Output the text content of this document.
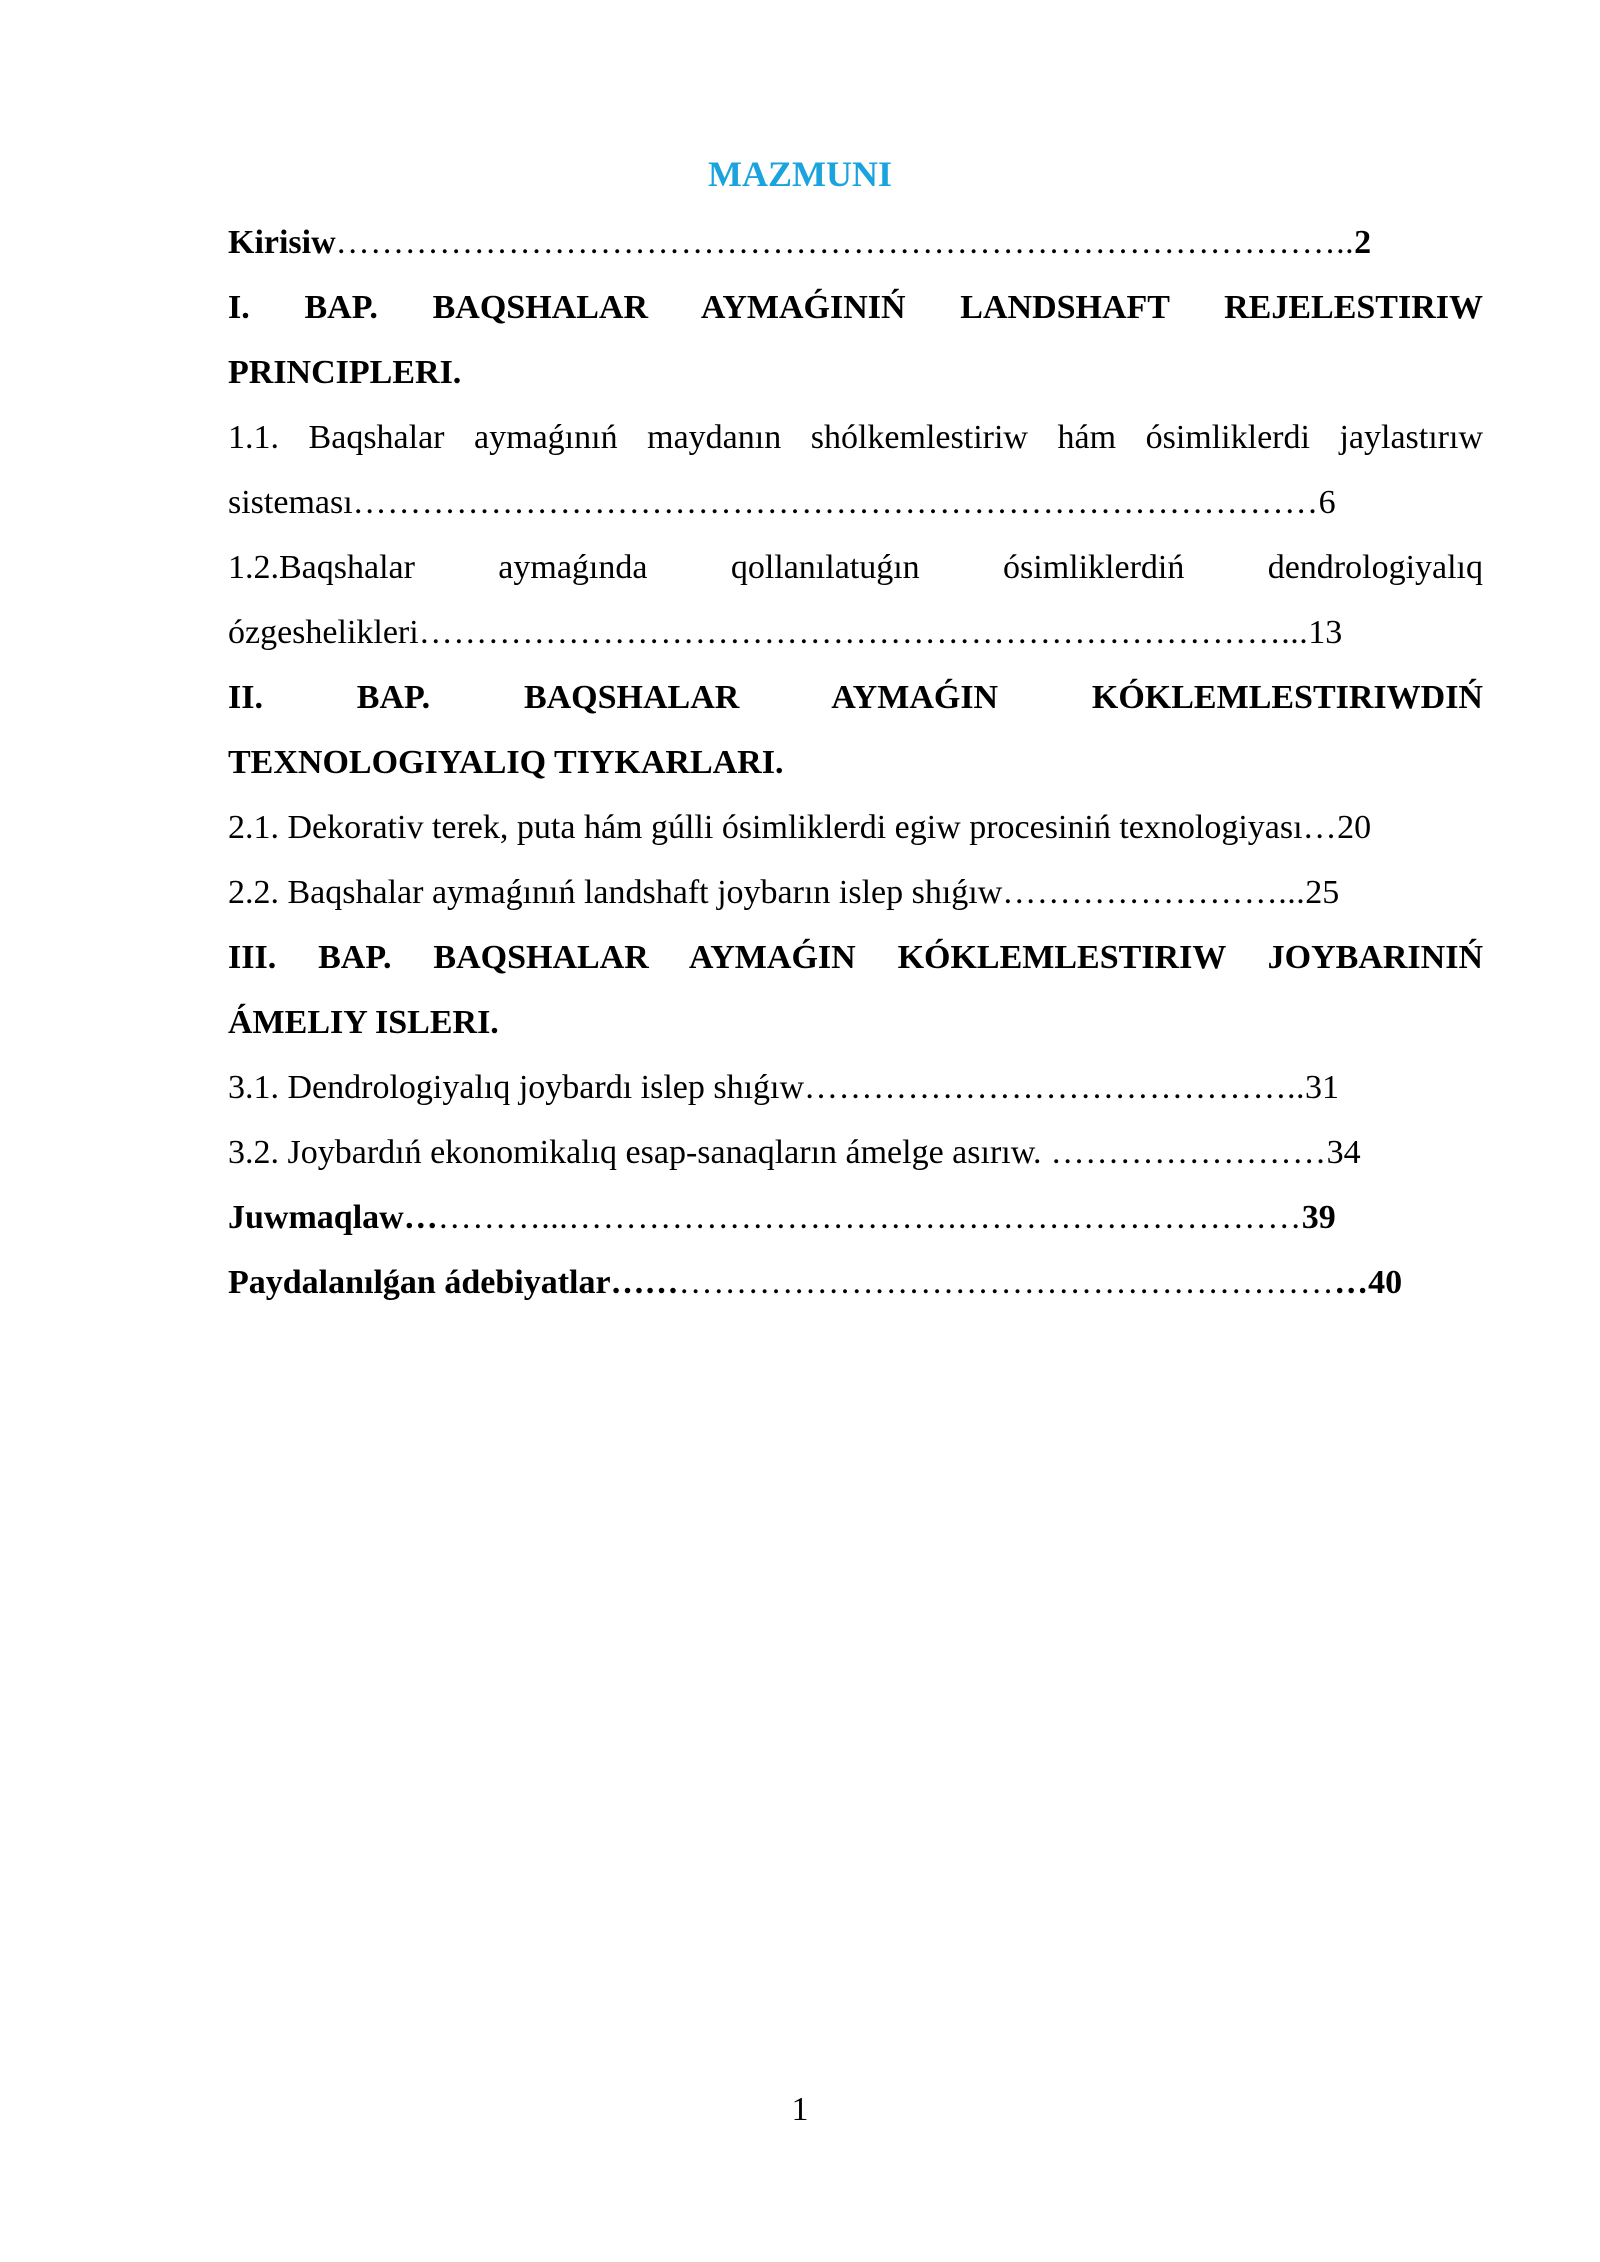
MAZMUNI
Kirisiw……………………………………………………………………………..2
I. BAP. BAQSHALAR AYMAǴINIŃ LANDSHAFT REJELESTIRIW
PRINCIPLERI.
1.1. Baqshalar aymaǵınıń maydanın shólkemlestiriw hám ósimliklerdi jaylastırıw
sisteması…………………………………………………………………………6
1.2.Baqshalar aymaǵında qollanılatuǵın ósimliklerdiń dendrologiyalıq
ózgeshelikleri…………………………………………………………………...13
II. BAP. BAQSHALAR AYMAǴIN KÓKLEMLESTIRIWDIŃ
TEXNOLOGIYALIQ TIYKARLARI.
2.1. Dekorativ terek, puta hám gúlli ósimliklerdi egiw procesiniń texnologiyası…20
2.2. Baqshalar aymaǵınıń landshaft joybarın islep shıǵıw……………………...25
III. BAP. BAQSHALAR AYMAǴIN KÓKLEMLESTIRIW JOYBARINIŃ
ÁMELIY ISLERI.
3.1. Dendrologiyalıq joybardı islep shıǵıw……………………………………..31
3.2. Joybardıń ekonomikalıq esap-sanaqların ámelge asırıw. ……………………34
Juwmaqlaw…………...…………………………….…………………………39
Paydalanılǵan ádebiyatlar…………………………………………………………40
1
